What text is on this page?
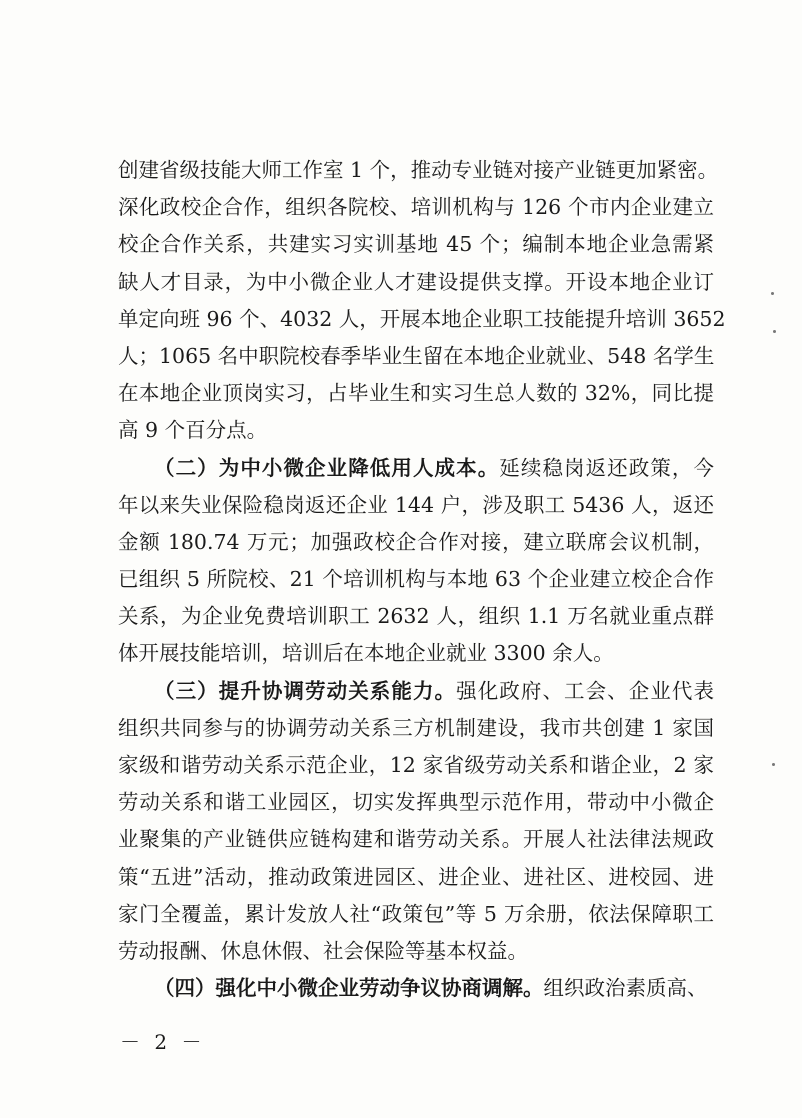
创建省级技能大师工作室 1 个，推动专业链对接产业链更加紧密。
深化政校企合作，组织各院校、培训机构与 126 个市内企业建立
校企合作关系，共建实习实训基地 45 个；编制本地企业急需紧
缺人才目录，为中小微企业人才建设提供支撑。开设本地企业订
单定向班 96 个、4032 人，开展本地企业职工技能提升培训 3652
人；1065 名中职院校春季毕业生留在本地企业就业、548 名学生
在本地企业顶岗实习，占毕业生和实习生总人数的 32%，同比提
高 9 个百分点。
（二）为中小微企业降低用人成本。延续稳岗返还政策，今
年以来失业保险稳岗返还企业 144 户，涉及职工 5436 人，返还
金额 180.74 万元；加强政校企合作对接，建立联席会议机制，
已组织 5 所院校、21 个培训机构与本地 63 个企业建立校企合作
关系，为企业免费培训职工 2632 人，组织 1.1 万名就业重点群
体开展技能培训，培训后在本地企业就业 3300 余人。
（三）提升协调劳动关系能力。强化政府、工会、企业代表
组织共同参与的协调劳动关系三方机制建设，我市共创建 1 家国
家级和谐劳动关系示范企业，12 家省级劳动关系和谐企业，2 家
劳动关系和谐工业园区，切实发挥典型示范作用，带动中小微企
业聚集的产业链供应链构建和谐劳动关系。开展人社法律法规政
策“五进”活动，推动政策进园区、进企业、进社区、进校园、进
家门全覆盖，累计发放人社“政策包”等 5 万余册，依法保障职工
劳动报酬、休息休假、社会保险等基本权益。
（四）强化中小微企业劳动争议协商调解。组织政治素质高、
－ 2 －
